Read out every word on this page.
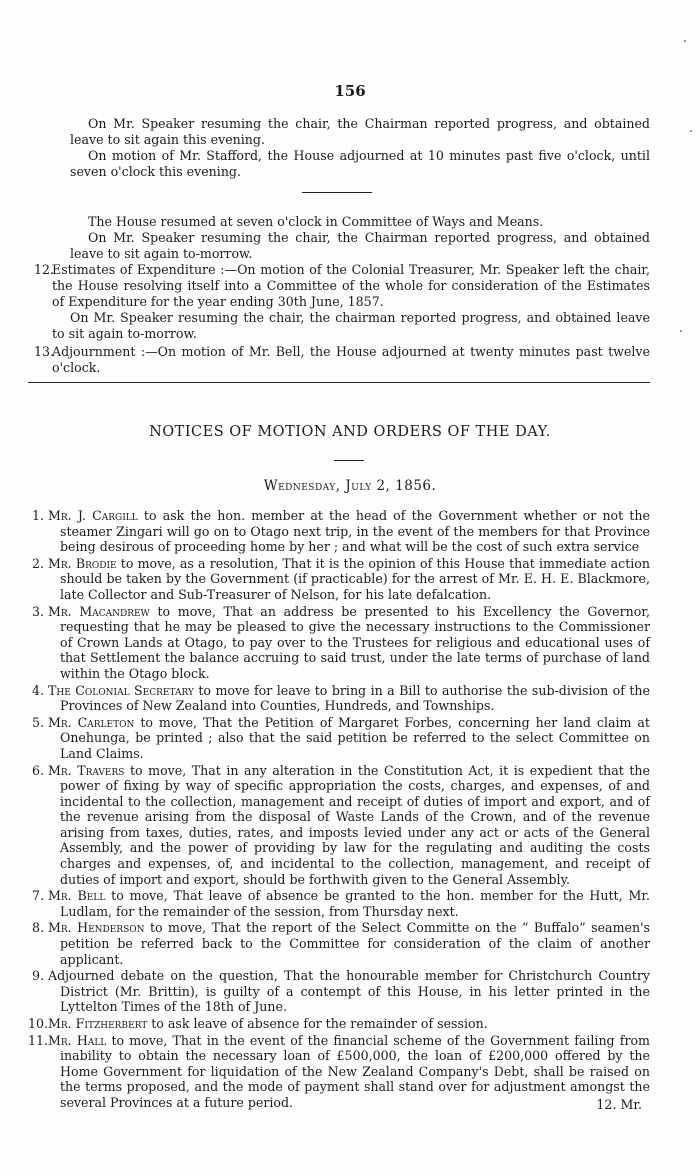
156

On Mr. Speaker resuming the chair, the Chairman reported progress, and obtained leave to sit again this evening.

On motion of Mr. Stafford, the House adjourned at 10 minutes past five o'clock, until seven o'clock this evening.

The House resumed at seven o'clock in Committee of Ways and Means.

On Mr. Speaker resuming the chair, the Chairman reported progress, and obtained leave to sit again to-morrow.

12.
Estimates of Expenditure :—On motion of the Colonial Treasurer, Mr. Speaker left the chair, the House resolving itself into a Committee of the whole for consideration of the Estimates of Expenditure for the year ending 30th June, 1857.
On Mr. Speaker resuming the chair, the chairman reported progress, and obtained leave to sit again to-morrow.
13.
Adjournment :—On motion of Mr. Bell, the House adjourned at twenty minutes past twelve o'clock.
NOTICES OF MOTION AND ORDERS OF THE DAY.
Wednesday, July 2, 1856.
1. Mr. J. Cargill to ask the hon. member at the head of the Government whether or not the steamer Zingari will go on to Otago next trip, in the event of the members for that Province being desirous of proceeding home by her ; and what will be the cost of such extra service
2. Mr. Brodie to move, as a resolution, That it is the opinion of this House that immediate action should be taken by the Government (if practicable) for the arrest of Mr. E. H. E. Blackmore, late Collector and Sub-Treasurer of Nelson, for his late defalcation.
3. Mr. Macandrew to move, That an address be presented to his Excellency the Governor, requesting that he may be pleased to give the necessary instructions to the Commissioner of Crown Lands at Otago, to pay over to the Trustees for religious and educational uses of that Settlement the balance accruing to said trust, under the late terms of purchase of land within the Otago block.
4. The Colonial Secretary to move for leave to bring in a Bill to authorise the sub-division of the Provinces of New Zealand into Counties, Hundreds, and Townships.
5. Mr. Carleton to move, That the Petition of Margaret Forbes, concerning her land claim at Onehunga, be printed ; also that the said petition be referred to the select Committee on Land Claims.
6. Mr. Travers to move, That in any alteration in the Constitution Act, it is expedient that the power of fixing by way of specific appropriation the costs, charges, and expenses, of and incidental to the collection, management and receipt of duties of import and export, and of the revenue arising from the disposal of Waste Lands of the Crown, and of the revenue arising from taxes, duties, rates, and imposts levied under any act or acts of the General Assembly, and the power of providing by law for the regulating and auditing the costs charges and expenses, of, and incidental to the collection, management, and receipt of duties of import and export, should be forthwith given to the General Assembly.
7. Mr. Bell to move, That leave of absence be granted to the hon. member for the Hutt, Mr. Ludlam, for the remainder of the session, from Thursday next.
8. Mr. Henderson to move, That the report of the Select Committe on the “ Buffalo” seamen's petition be referred back to the Committee for consideration of the claim of another applicant.
9. Adjourned debate on the question, That the honourable member for Christchurch Country District (Mr. Brittin), is guilty of a contempt of this House, in his letter printed in the Lyttelton Times of the 18th of June.
10. Mr. Fitzherbert to ask leave of absence for the remainder of session.
11. Mr. Hall to move, That in the event of the financial scheme of the Government failing from inability to obtain the necessary loan of £500,000, the loan of £200,000 offered by the Home Government for liquidation of the New Zealand Company's Debt, shall be raised on the terms proposed, and the mode of payment shall stand over for adjustment amongst the several Provinces at a future period.	12. Mr.
